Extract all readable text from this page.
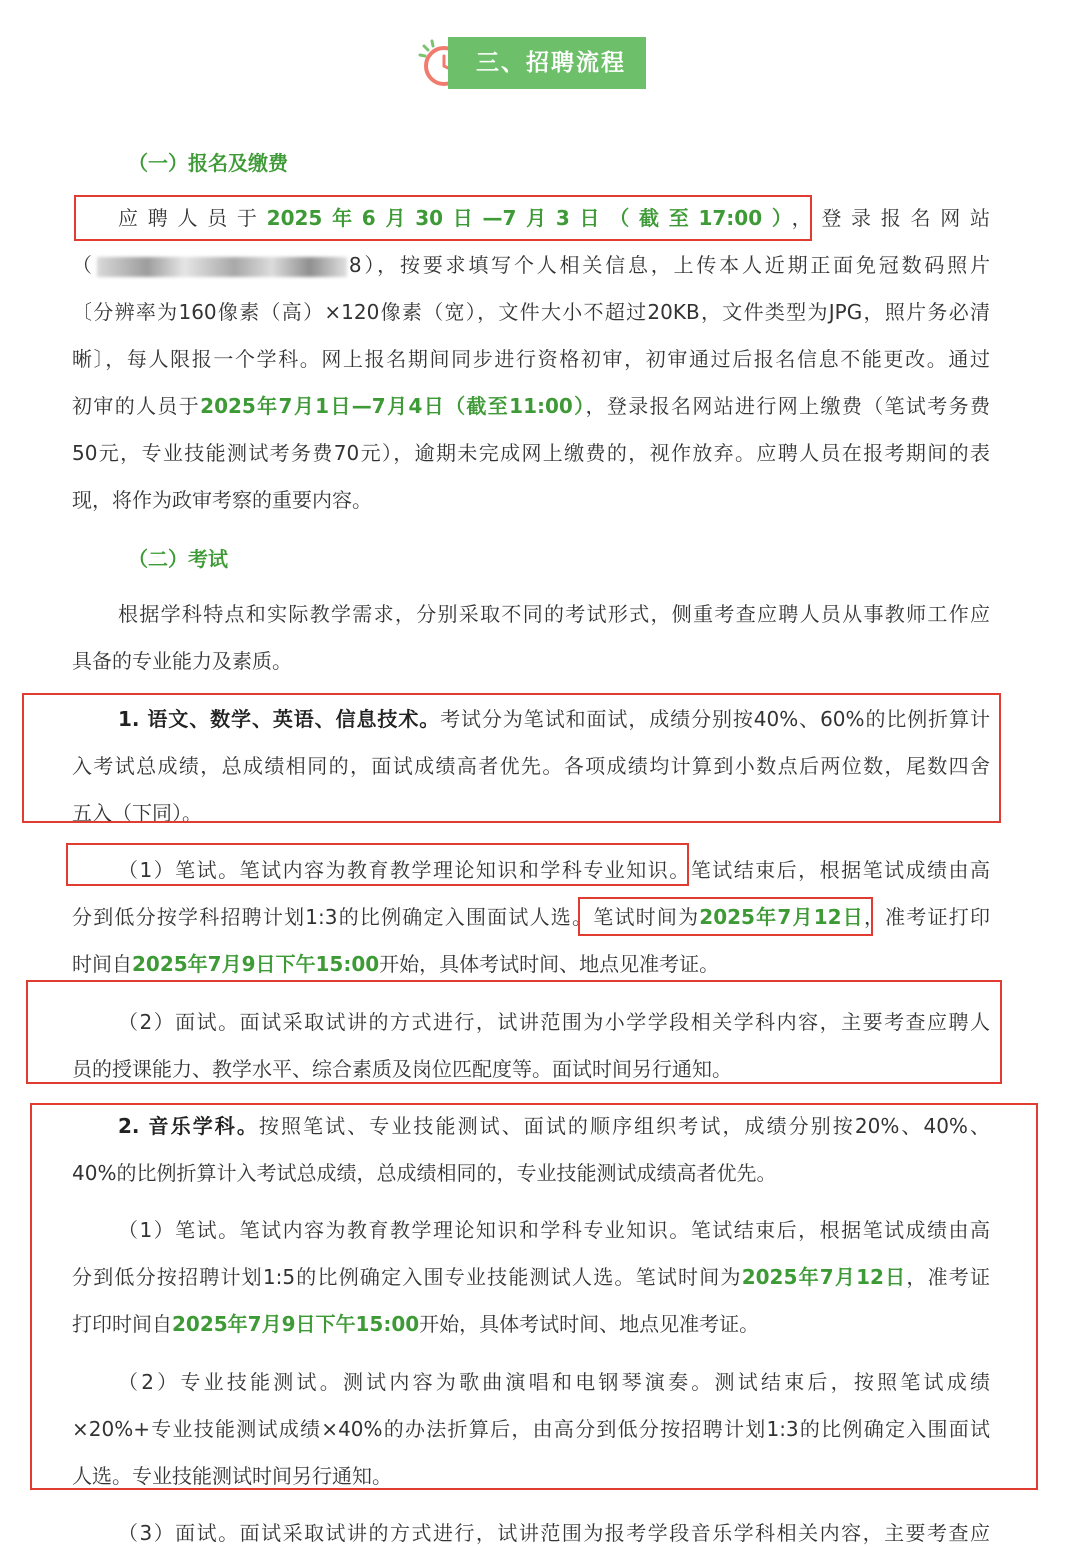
三、招聘流程
（一）报名及缴费
应聘人员于2025年6月30日—7月3日（截至17:00），登录报名网站
（	8），按要求填写个人相关信息，上传本人近期正面免冠数码照片
〔分辨率为160像素（高）×120像素（宽），文件大小不超过20KB，文件类型为JPG，照片务必清
晰〕，每人限报一个学科。网上报名期间同步进行资格初审，初审通过后报名信息不能更改。通过
初审的人员于2025年7月1日—7月4日（截至11:00），登录报名网站进行网上缴费（笔试考务费
50元，专业技能测试考务费70元），逾期未完成网上缴费的，视作放弃。应聘人员在报考期间的表
现，将作为政审考察的重要内容。
（二）考试
根据学科特点和实际教学需求，分别采取不同的考试形式，侧重考查应聘人员从事教师工作应
具备的专业能力及素质。
1. 语文、数学、英语、信息技术。考试分为笔试和面试，成绩分别按40%、60%的比例折算计
入考试总成绩，总成绩相同的，面试成绩高者优先。各项成绩均计算到小数点后两位数，尾数四舍
五入（下同）。
（1）笔试。笔试内容为教育教学理论知识和学科专业知识。笔试结束后，根据笔试成绩由高
分到低分按学科招聘计划1:3的比例确定入围面试人选。笔试时间为2025年7月12日，准考证打印
时间自2025年7月9日下午15:00开始，具体考试时间、地点见准考证。
（2）面试。面试采取试讲的方式进行，试讲范围为小学学段相关学科内容，主要考查应聘人
员的授课能力、教学水平、综合素质及岗位匹配度等。面试时间另行通知。
2. 音乐学科。按照笔试、专业技能测试、面试的顺序组织考试，成绩分别按20%、40%、
40%的比例折算计入考试总成绩，总成绩相同的，专业技能测试成绩高者优先。
（1）笔试。笔试内容为教育教学理论知识和学科专业知识。笔试结束后，根据笔试成绩由高
分到低分按招聘计划1:5的比例确定入围专业技能测试人选。笔试时间为2025年7月12日，准考证
打印时间自2025年7月9日下午15:00开始，具体考试时间、地点见准考证。
（2）专业技能测试。测试内容为歌曲演唱和电钢琴演奏。测试结束后，按照笔试成绩
×20%+专业技能测试成绩×40%的办法折算后，由高分到低分按招聘计划1:3的比例确定入围面试
人选。专业技能测试时间另行通知。
（3）面试。面试采取试讲的方式进行，试讲范围为报考学段音乐学科相关内容，主要考查应
